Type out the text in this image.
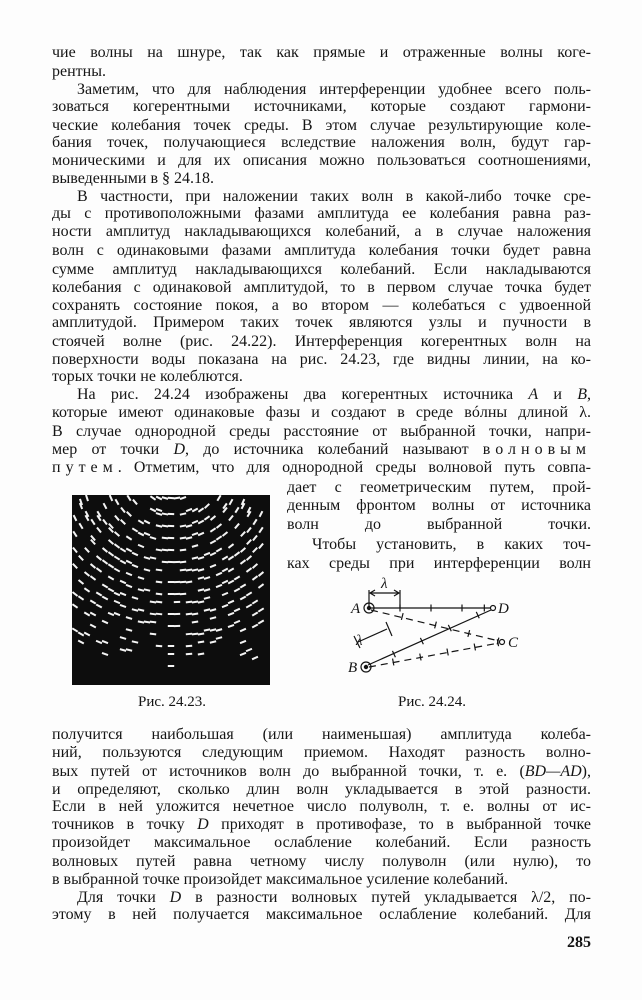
чие волны на шнуре, так как прямые и отраженные волны коге-
рентны.
Заметим, что для наблюдения интерференции удобнее всего поль-
зоваться когерентными источниками, которые создают гармони-
ческие колебания точек среды. В этом случае результирующие коле-
бания точек, получающиеся вследствие наложения волн, будут гар-
моническими и для их описания можно пользоваться соотношениями,
выведенными в § 24.18.
В частности, при наложении таких волн в какой-либо точке сре-
ды с противоположными фазами амплитуда ее колебания равна раз-
ности амплитуд накладывающихся колебаний, а в случае наложения
волн с одинаковыми фазами амплитуда колебания точки будет равна
сумме амплитуд накладывающихся колебаний. Если накладываются
колебания с одинаковой амплитудой, то в первом случае точка будет
сохранять состояние покоя, а во втором — колебаться с удвоенной
амплитудой. Примером таких точек являются узлы и пучности в
стоячей волне (рис. 24.22). Интерференция когерентных волн на
поверхности воды показана на рис. 24.23, где видны линии, на ко-
торых точки не колеблются.
На рис. 24.24 изображены два когерентных источника A и B,
которые имеют одинаковые фазы и создают в среде вóлны длиной λ.
В случае однородной среды расстояние от выбранной точки, напри-
мер от точки D, до источника колебаний называют волновым
путем. Отметим, что для однородной среды волновой путь совпа-
дает с геометрическим путем, прой-
денным фронтом волны от источника
волн до выбранной точки.
Чтобы установить, в каких точ-
ках среды при интерференции волн
получится наибольшая (или наименьшая) амплитуда колеба-
ний, пользуются следующим приемом. Находят разность волно-
вых путей от источников волн до выбранной точки, т. е. (BD—AD),
и определяют, сколько длин волн укладывается в этой разности.
Если в ней уложится нечетное число полуволн, т. е. волны от ис-
точников в точку D приходят в противофазе, то в выбранной точке
произойдет максимальное ослабление колебаний. Если разность
волновых путей равна четному числу полуволн (или нулю), то
в выбранной точке произойдет максимальное усиление колебаний.
Для точки D в разности волновых путей укладывается λ/2, по-
этому в ней получается максимальное ослабление колебаний. Для
A	D
C
B
λ
λ
Рис. 24.23.	Рис. 24.24.
285
